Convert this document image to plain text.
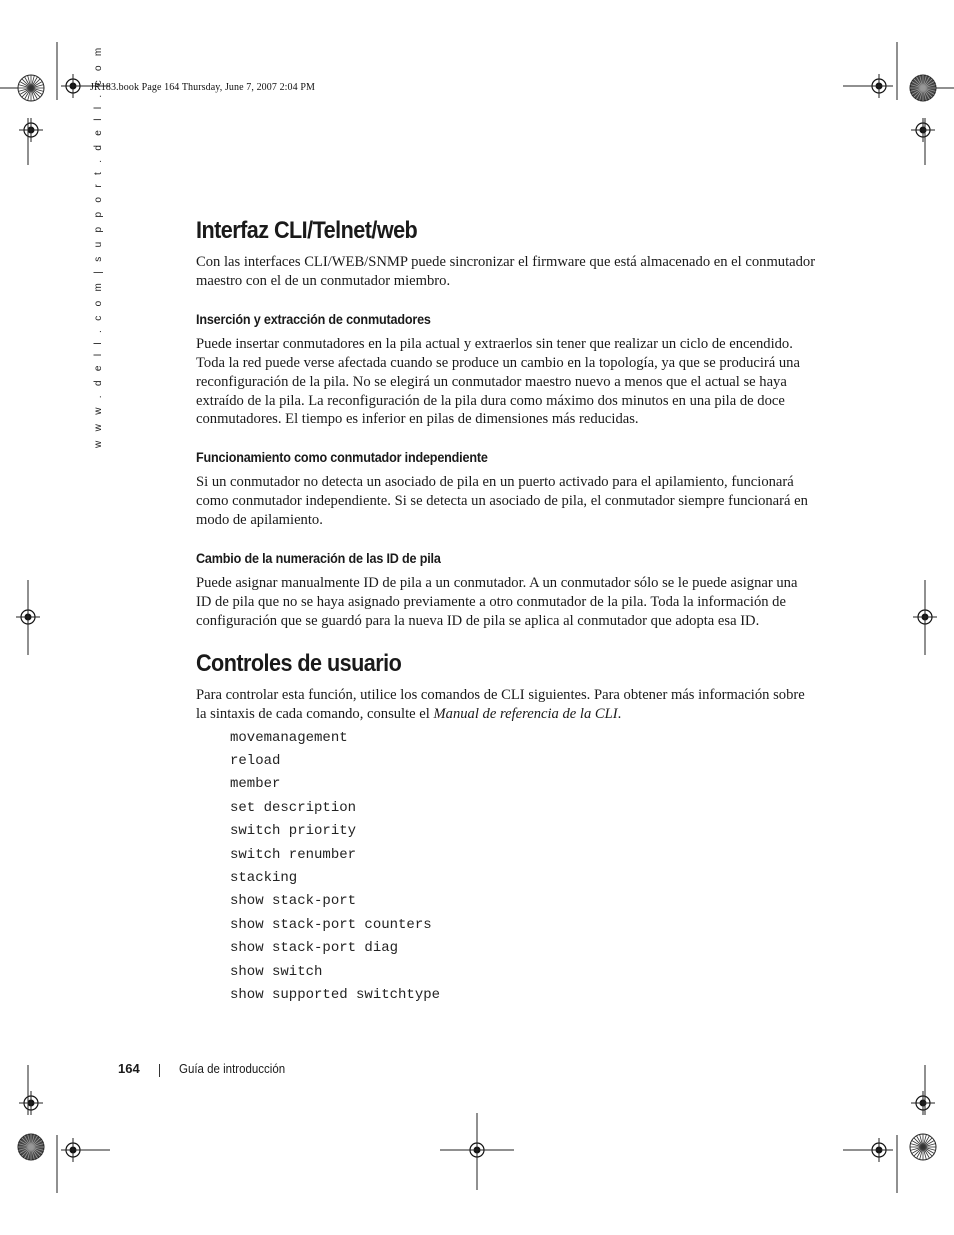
JR183.book Page 164 Thursday, June 7, 2007 2:04 PM
w w w . d e l l . c o m | s u p p o r t . d e l l . c o m	Interfaz CLI/Telnet/web

Con las interfaces CLI/WEB/SNMP puede sincronizar el firmware que está almacenado en el conmutador maestro con el de un conmutador miembro.

Inserción y extracción de conmutadores

Puede insertar conmutadores en la pila actual y extraerlos sin tener que realizar un ciclo de encendido. Toda la red puede verse afectada cuando se produce un cambio en la topología, ya que se producirá una reconfiguración de la pila. No se elegirá un conmutador maestro nuevo a menos que el actual se haya extraído de la pila. La reconfiguración de la pila dura como máximo dos minutos en una pila de doce conmutadores. El tiempo es inferior en pilas de dimensiones más reducidas.

Funcionamiento como conmutador independiente

Si un conmutador no detecta un asociado de pila en un puerto activado para el apilamiento, funcionará como conmutador independiente. Si se detecta un asociado de pila, el conmutador siempre funcionará en modo de apilamiento.

Cambio de la numeración de las ID de pila

Puede asignar manualmente ID de pila a un conmutador. A un conmutador sólo se le puede asignar una ID de pila que no se haya asignado previamente a otro conmutador de la pila. Toda la información de configuración que se guardó para la nueva ID de pila se aplica al conmutador que adopta esa ID.

Controles de usuario

Para controlar esta función, utilice los comandos de CLI siguientes. Para obtener más información sobre la sintaxis de cada comando, consulte el Manual de referencia de la CLI.

movemanagement
reload
member
set description
switch priority
switch renumber
stacking
show stack-port
show stack-port counters
show stack-port diag
show switch
show supported switchtype
164	Guía de introducción
